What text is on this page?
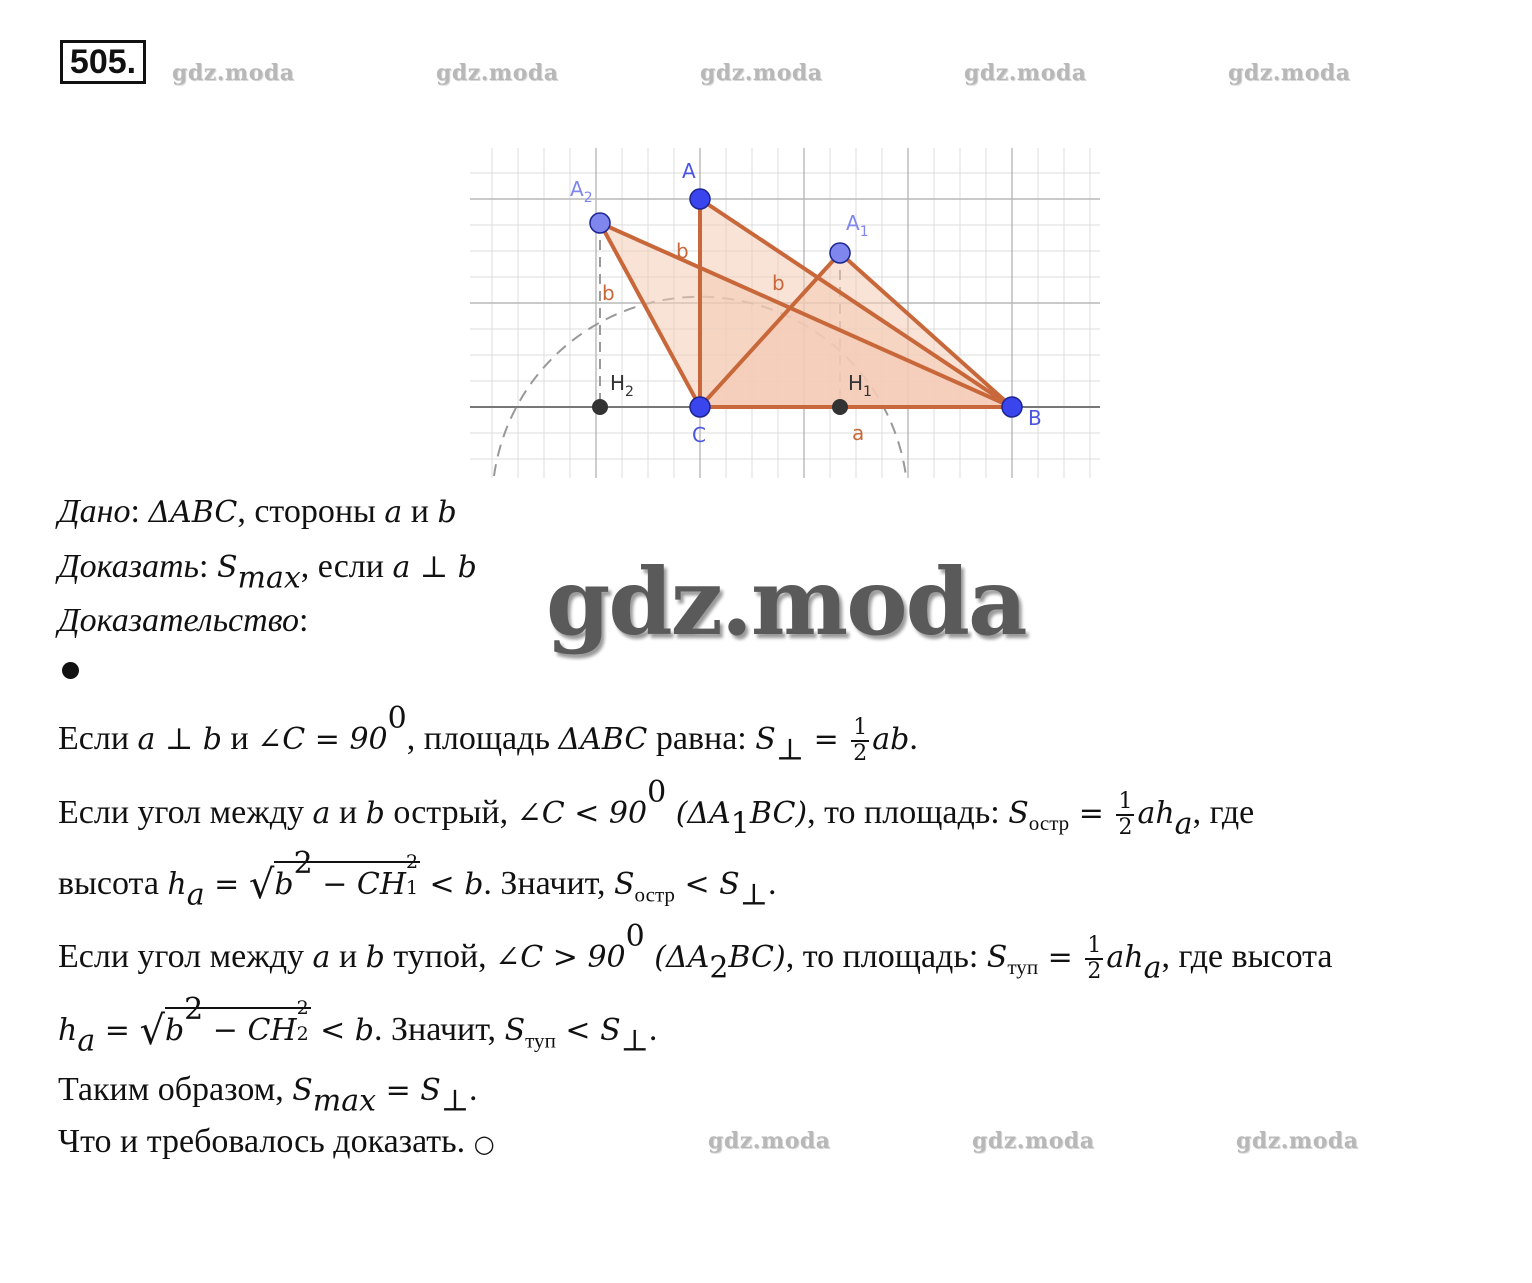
505.	gdz.moda	gdz.moda	gdz.moda	gdz.moda	gdz.moda
A
$A_2$
$A_1$
C
B
$H_2$	$H_1$
a
b
b
b
Дано: ΔABC, стороны a и b
Доказать: $S_{max}$, если a ⊥ b
Доказательство:	gdz.moda
Если a ⊥ b и ∠C = $90^0$, площадь ΔABC равна: $S_\perp = \frac{1}{2}$ ab.
Если угол между a и b острый, ∠C < $90^0$ $(\Delta A_1BC)$, то площадь: $S_{остр} = \frac{1}{2} ah_a$, где
высота $h_a = √b^2$ − CH
2
1 < b. Значит, $S_{остр} < S_\perp$.
Если угол между a и b тупой, ∠C > $90^0$ $(\Delta A_2BC)$, то площадь: $S_{туп} = \frac{1}{2} ah_a$, где высота
$h_a = √b^2$ − CH
2
2 < b. Значит, $S_{туп} < S_\perp$.
Таким образом, $S_{max} = S_\perp$.
Что и требовалось доказать. ○	gdz.moda	gdz.moda	gdz.moda
